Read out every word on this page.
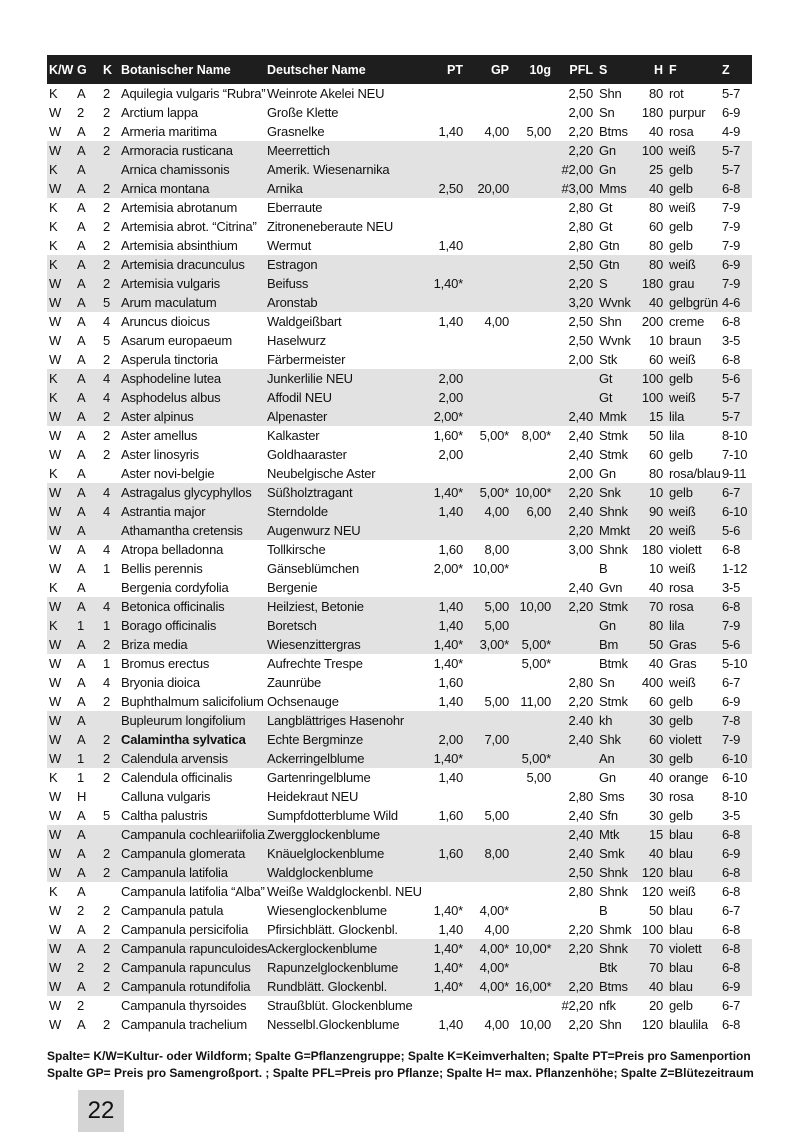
K/W	G	K	Botanischer Name	Deutscher Name	PT	GP	10g	PFL	S	H	F	Z
K	A	2	Aquilegia vulgaris “Rubra”	Weinrote Akelei NEU				2,50	Shn	80	rot	5-7
W	2	2	Arctium lappa	Große Klette				2,00	Sn	180	purpur	6-9
W	A	2	Armeria maritima	Grasnelke	1,40	4,00	5,00	2,20	Btms	40	rosa	4-9
W	A	2	Armoracia rusticana	Meerrettich				2,20	Gn	100	weiß	5-7
K	A		Arnica chamissonis	Amerik. Wiesenarnika				#2,00	Gn	25	gelb	5-7
W	A	2	Arnica montana	Arnika	2,50	20,00		#3,00	Mms	40	gelb	6-8
K	A	2	Artemisia abrotanum	Eberraute				2,80	Gt	80	weiß	7-9
K	A	2	Artemisia abrot. “Citrina”	Zitroneneberaute NEU				2,80	Gt	60	gelb	7-9
K	A	2	Artemisia absinthium	Wermut	1,40			2,80	Gtn	80	gelb	7-9
K	A	2	Artemisia dracunculus	Estragon				2,50	Gtn	80	weiß	6-9
W	A	2	Artemisia vulgaris	Beifuss	1,40*			2,20	S	180	grau	7-9
W	A	5	Arum maculatum	Aronstab				3,20	Wvnk	40	gelbgrün	4-6
W	A	4	Aruncus dioicus	Waldgeißbart	1,40	4,00		2,50	Shn	200	creme	6-8
W	A	5	Asarum europaeum	Haselwurz				2,50	Wvnk	10	braun	3-5
W	A	2	Asperula tinctoria	Färbermeister				2,00	Stk	60	weiß	6-8
K	A	4	Asphodeline lutea	Junkerlilie NEU	2,00				Gt	100	gelb	5-6
K	A	4	Asphodelus albus	Affodil NEU	2,00				Gt	100	weiß	5-7
W	A	2	Aster alpinus	Alpenaster	2,00*			2,40	Mmk	15	lila	5-7
W	A	2	Aster amellus	Kalkaster	1,60*	5,00*	8,00*	2,40	Stmk	50	lila	8-10
W	A	2	Aster linosyris	Goldhaaraster	2,00			2,40	Stmk	60	gelb	7-10
K	A		Aster novi-belgie	Neubelgische Aster				2,00	Gn	80	rosa/blau	9-11
W	A	4	Astragalus glycyphyllos	Süßholztragant	1,40*	5,00*	10,00*	2,20	Snk	10	gelb	6-7
W	A	4	Astrantia major	Sterndolde	1,40	4,00	6,00	2,40	Shnk	90	weiß	6-10
W	A		Athamantha cretensis	Augenwurz NEU				2,20	Mmkt	20	weiß	5-6
W	A	4	Atropa belladonna	Tollkirsche	1,60	8,00		3,00	Shnk	180	violett	6-8
W	A	1	Bellis perennis	Gänseblümchen	2,00*	10,00*			B	10	weiß	1-12
K	A		Bergenia cordyfolia	Bergenie				2,40	Gvn	40	rosa	3-5
W	A	4	Betonica officinalis	Heilziest, Betonie	1,40	5,00	10,00	2,20	Stmk	70	rosa	6-8
K	1	1	Borago officinalis	Boretsch	1,40	5,00			Gn	80	lila	7-9
W	A	2	Briza media	Wiesenzittergras	1,40*	3,00*	5,00*		Bm	50	Gras	5-6
W	A	1	Bromus erectus	Aufrechte Trespe	1,40*		5,00*		Btmk	40	Gras	5-10
W	A	4	Bryonia dioica	Zaunrübe	1,60			2,80	Sn	400	weiß	6-7
W	A	2	Buphthalmum salicifolium	Ochsenauge	1,40	5,00	11,00	2,20	Stmk	60	gelb	6-9
W	A		Bupleurum longifolium	Langblättriges Hasenohr				2.40	kh	30	gelb	7-8
W	A	2	Calamintha sylvatica	Echte Bergminze	2,00	7,00		2,40	Shk	60	violett	7-9
W	1	2	Calendula arvensis	Ackerringelblume	1,40*		5,00*		An	30	gelb	6-10
K	1	2	Calendula officinalis	Gartenringelblume	1,40		5,00		Gn	40	orange	6-10
W	H		Calluna vulgaris	Heidekraut NEU				2,80	Sms	30	rosa	8-10
W	A	5	Caltha palustris	Sumpfdotterblume Wild	1,60	5,00		2,40	Sfn	30	gelb	3-5
W	A		Campanula cochleariifolia	Zwergglockenblume				2,40	Mtk	15	blau	6-8
W	A	2	Campanula glomerata	Knäuelglockenblume	1,60	8,00		2,40	Smk	40	blau	6-9
W	A	2	Campanula latifolia	Waldglockenblume				2,50	Shnk	120	blau	6-8
K	A		Campanula latifolia “Alba”	Weiße Waldglockenbl. NEU				2,80	Shnk	120	weiß	6-8
W	2	2	Campanula patula	Wiesenglockenblume	1,40*	4,00*			B	50	blau	6-7
W	A	2	Campanula persicifolia	Pfirsichblätt. Glockenbl.	1,40	4,00		2,20	Shmk	100	blau	6-8
W	A	2	Campanula rapunculoides	Ackerglockenblume	1,40*	4,00*	10,00*	2,20	Shnk	70	violett	6-8
W	2	2	Campanula rapunculus	Rapunzelglockenblume	1,40*	4,00*			Btk	70	blau	6-8
W	A	2	Campanula rotundifolia	Rundblätt. Glockenbl.	1,40*	4,00*	16,00*	2,20	Btms	40	blau	6-9
W	2		Campanula thyrsoides	Straußblüt. Glockenblume				#2,20	nfk	20	gelb	6-7
W	A	2	Campanula trachelium	Nesselbl.Glockenblume	1,40	4,00	10,00	2,20	Shn	120	blaulila	6-8
Spalte= K/W=Kultur- oder Wildform; Spalte G=Pflanzengruppe; Spalte K=Keimverhalten; Spalte PT=Preis pro Samenportion
Spalte GP= Preis pro Samengroßport. ; Spalte PFL=Preis pro Pflanze; Spalte H= max. Pflanzenhöhe; Spalte Z=Blütezeitraum
22
